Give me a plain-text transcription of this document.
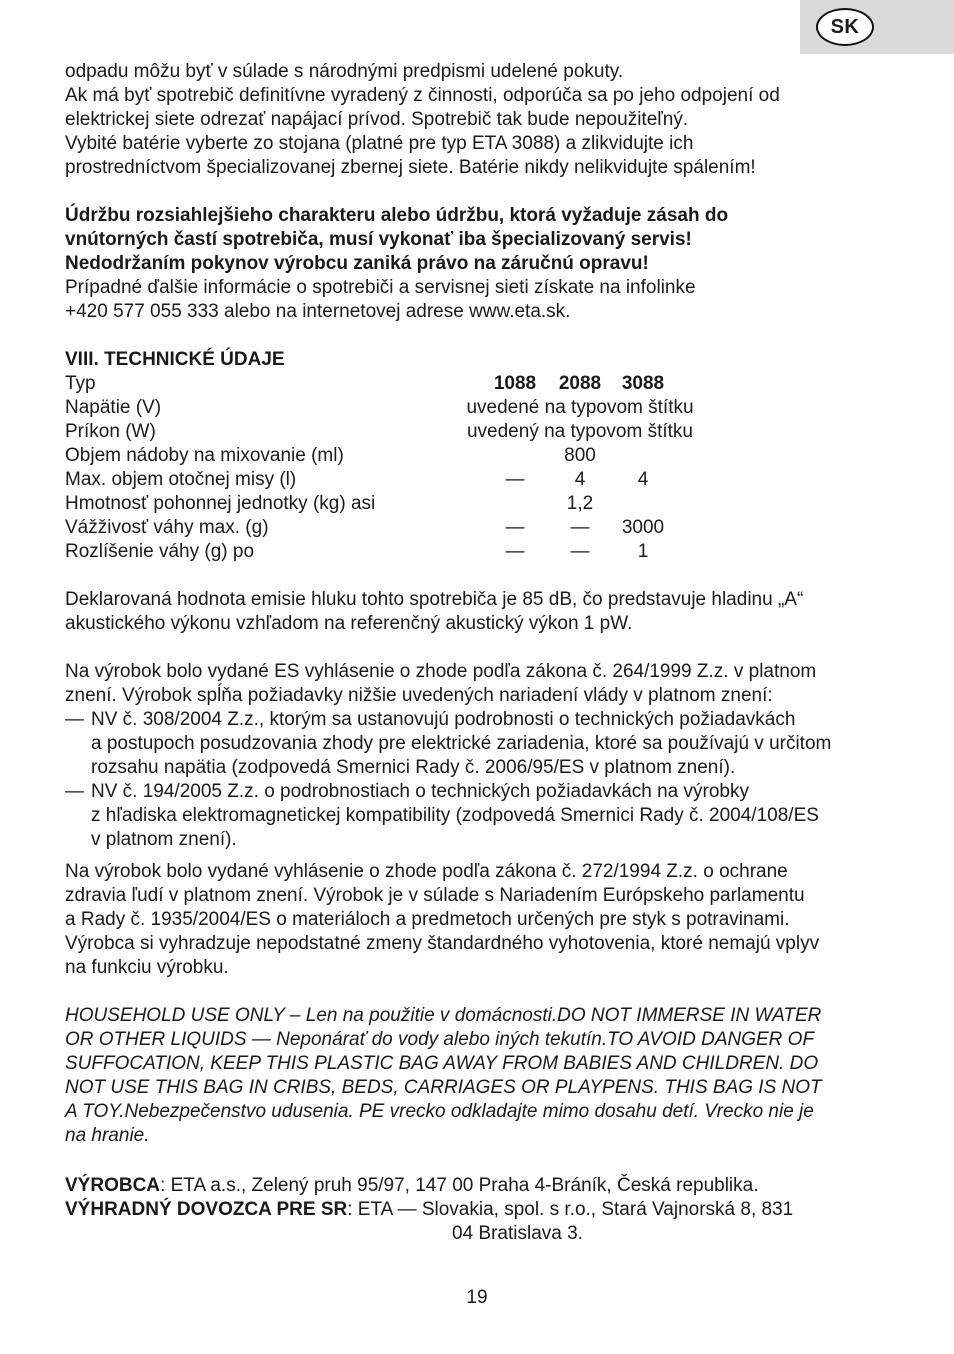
SK

odpadu môžu byť v súlade s národnými predpismi udelené pokuty.

Ak má byť spotrebič definitívne vyradený z činnosti, odporúča sa po jeho odpojení od

elektrickej siete odrezať napájací prívod. Spotrebič tak bude nepoužiteľný.

Vybité batérie vyberte zo stojana (platné pre typ ETA 3088) a zlikvidujte ich

prostredníctvom špecializovanej zbernej siete. Batérie nikdy nelikvidujte spálením!

Údržbu rozsiahlejšieho charakteru alebo údržbu, ktorá vyžaduje zásah do

vnútorných častí spotrebiča, musí vykonať iba špecializovaný servis!

Nedodržaním pokynov výrobcu zaniká právo na záručnú opravu!

Prípadné ďalšie informácie o spotrebiči a servisnej sieti získate na infolinke

+420 577 055 333 alebo na internetovej adrese www.eta.sk.

VIII. TECHNICKÉ ÚDAJE

Typ	1088	2088	3088
Napätie (V)	uvedené na typovom štítku
Príkon (W)	uvedený na typovom štítku
Objem nádoby na mixovanie (ml)	800
Max. objem otočnej misy (l)	—	4	4
Hmotnosť pohonnej jednotky (kg) asi	1,2
Vážživosť váhy max. (g)	—	—	3000
Rozlíšenie váhy (g) po	—	—	1

Deklarovaná hodnota emisie hluku tohto spotrebiča je 85 dB, čo predstavuje hladinu „A“

akustického výkonu vzhľadom na referenčný akustický výkon 1 pW.

Na výrobok bolo vydané ES vyhlásenie o zhode podľa zákona č. 264/1999 Z.z. v platnom

znení. Výrobok spĺňa požiadavky nižšie uvedených nariadení vlády v platnom znení:

— NV č. 308/2004 Z.z., ktorým sa ustanovujú podrobnosti o technických požiadavkách

a postupoch posudzovania zhody pre elektrické zariadenia, ktoré sa používajú v určitom

rozsahu napätia (zodpovedá Smernici Rady č. 2006/95/ES v platnom znení).

— NV č. 194/2005 Z.z. o podrobnostiach o technických požiadavkách na výrobky

z hľadiska elektromagnetickej kompatibility (zodpovedá Smernici Rady č. 2004/108/ES

v platnom znení).

Na výrobok bolo vydané vyhlásenie o zhode podľa zákona č. 272/1994 Z.z. o ochrane

zdravia ľudí v platnom znení. Výrobok je v súlade s Nariadením Európskeho parlamentu

a Rady č. 1935/2004/ES o materiáloch a predmetoch určených pre styk s potravinami.

Výrobca si vyhradzuje nepodstatné zmeny štandardného vyhotovenia, ktoré nemajú vplyv

na funkciu výrobku.

HOUSEHOLD USE ONLY – Len na použitie v domácnosti.DO NOT IMMERSE IN WATER

OR OTHER LIQUIDS — Neponárať do vody alebo iných tekutín.TO AVOID DANGER OF

SUFFOCATION, KEEP THIS PLASTIC BAG AWAY FROM BABIES AND CHILDREN. DO

NOT USE THIS BAG IN CRIBS, BEDS, CARRIAGES OR PLAYPENS. THIS BAG IS NOT

A TOY.Nebezpečenstvo udusenia. PE vrecko odkladajte mimo dosahu detí. Vrecko nie je

na hranie.

VÝROBCA: ETA a.s., Zelený pruh 95/97, 147 00 Praha 4-Bráník, Česká republika.

VÝHRADNÝ DOVOZCA PRE SR: ETA — Slovakia, spol. s r.o., Stará Vajnorská 8, 831

04 Bratislava 3.

19
